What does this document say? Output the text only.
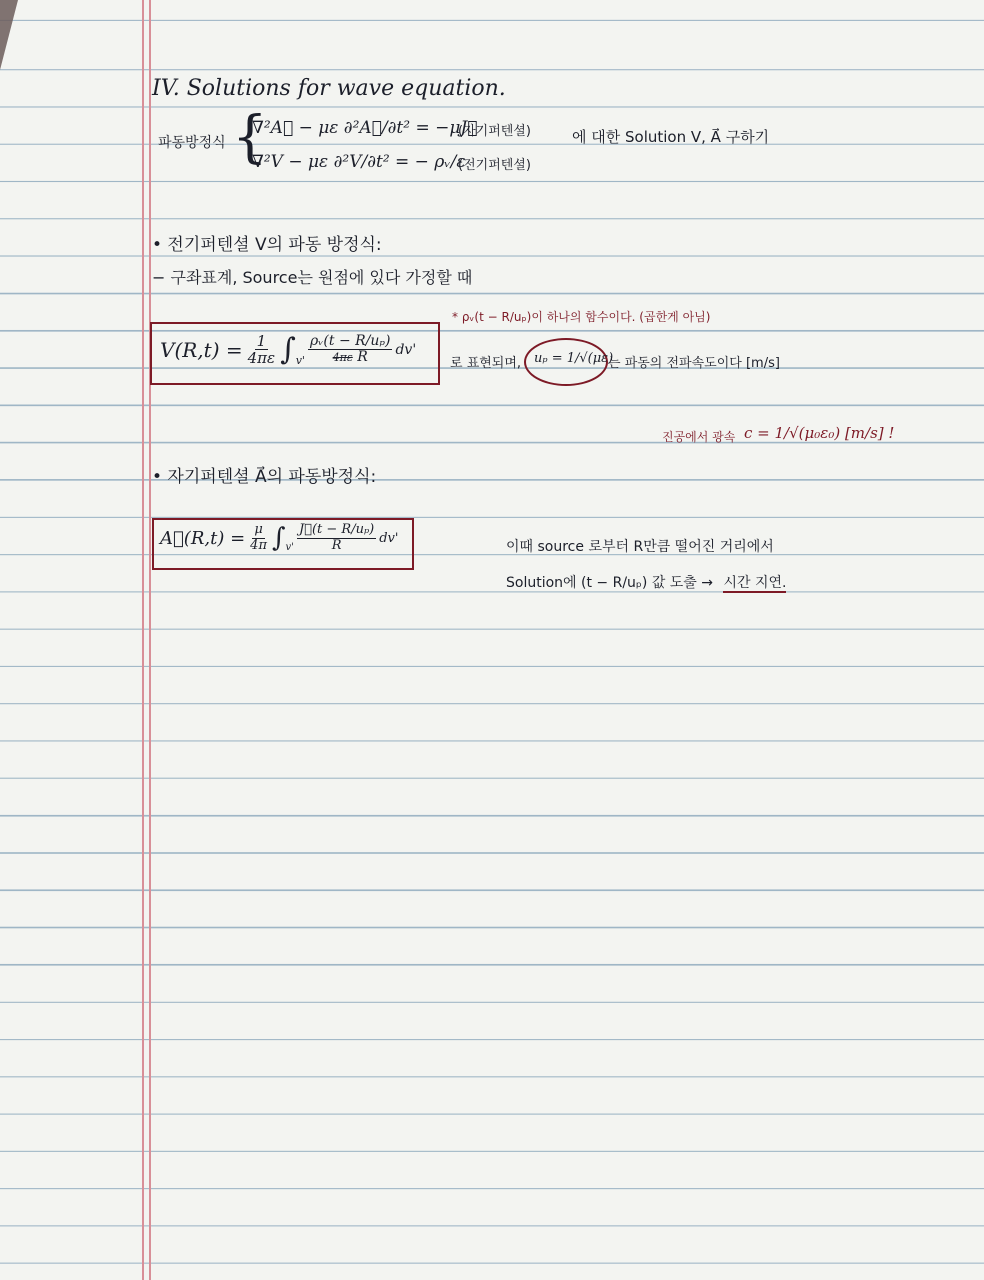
IV. Solutions for wave equation.
파동방정식 {
∇²A⃗ − με ∂²A⃗/∂t² = −μJ⃗
(자기퍼텐셜)
∇²V − με ∂²V/∂t² = − ρᵥ/ε
(전기퍼텐셜)
에 대한 Solution V, A⃗ 구하기
• 전기퍼텐셜 V의 파동 방정식:
− 구좌표계, Source는 원점에 있다 가정할 때
* ρᵥ(t − R/uₚ)이 하나의 함수이다. (곱한게 아님)
$V(R,t) = \frac{1}{4\pi\varepsilon}$ ∫ $v' \frac{\text{ρᵥ(t − R/uₚ)}}{\text{4πε R}} dv'$
로 표현되며, uₚ = 1/√(με)
는 파동의 전파속도이다 [m/s]
진공에서 광속 c = 1/√(μ₀ε₀) [m/s] !
• 자기퍼텐셜 A⃗의 파동방정식:
A⃗(R,t) = $\frac{\mu}{4\pi}$ ∫ $v' \frac{\text{J⃗(t − R/uₚ)}}{R} dv'$
이때 source 로부터 R만큼 떨어진 거리에서
Solution에 (t − R/uₚ) 값 도출 → 시간 지연.
